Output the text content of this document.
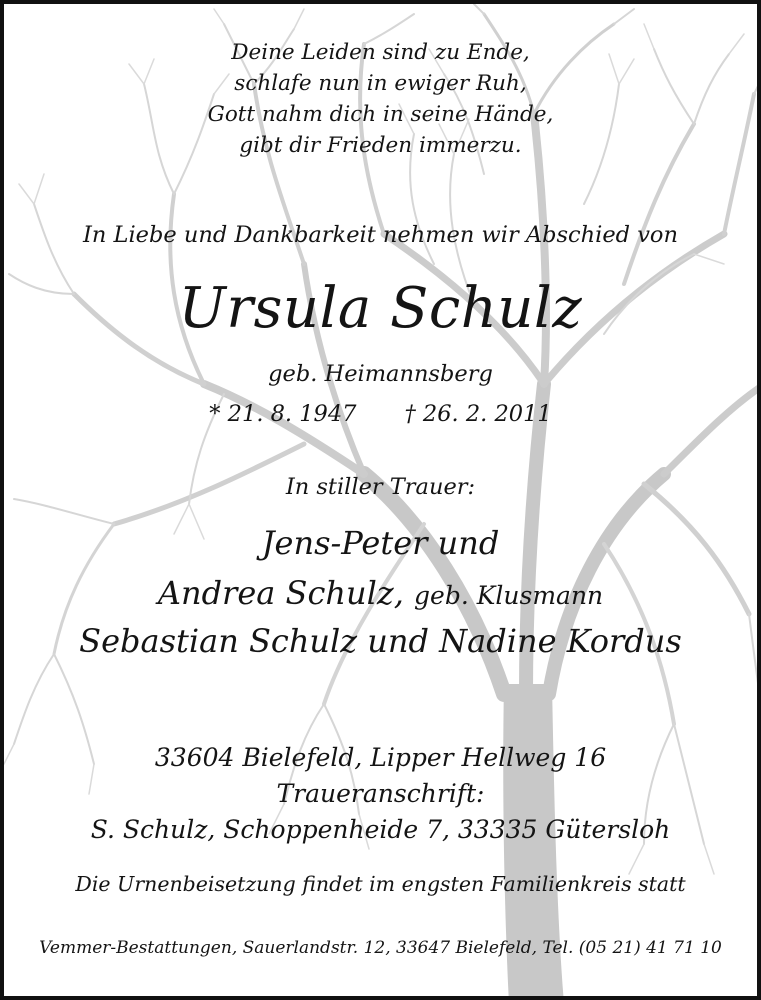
Deine Leiden sind zu Ende,
schlafe nun in ewiger Ruh,
Gott nahm dich in seine Hände,
gibt dir Frieden immerzu.
In Liebe und Dankbarkeit nehmen wir Abschied von
Ursula Schulz
geb. Heimannsberg
* 21. 8. 1947 † 26. 2. 2011
In stiller Trauer:
Jens-Peter und
Andrea Schulz, geb. Klusmann
Sebastian Schulz und Nadine Kordus
33604 Bielefeld, Lipper Hellweg 16
Traueranschrift:
S. Schulz, Schoppenheide 7, 33335 Gütersloh
Die Urnenbeisetzung findet im engsten Familienkreis statt
Vemmer-Bestattungen, Sauerlandstr. 12, 33647 Bielefeld, Tel. (05 21) 41 71 10
